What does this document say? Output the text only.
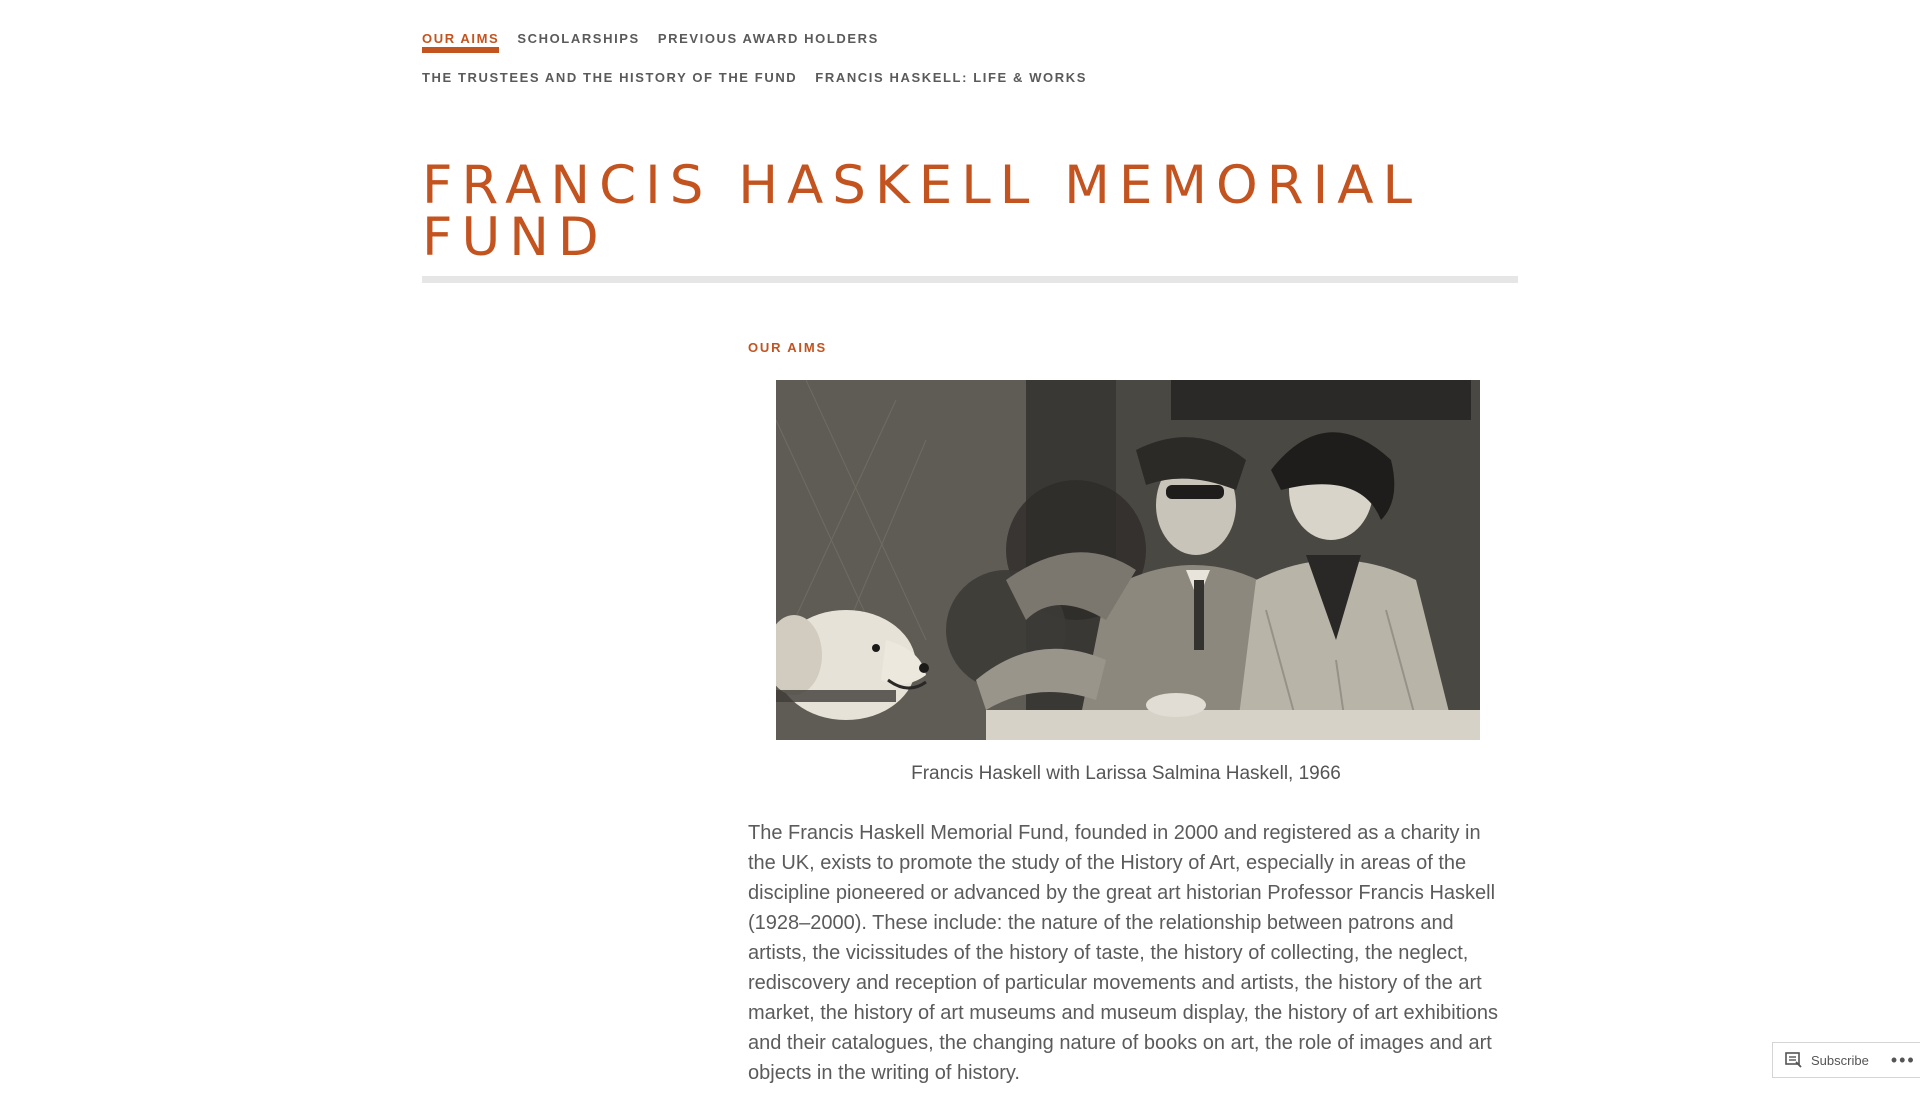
OUR AIMS SCHOLARSHIPS PREVIOUS AWARD HOLDERS
THE TRUSTEES AND THE HISTORY OF THE FUND FRANCIS HASKELL: LIFE & WORKS
FRANCIS HASKELL MEMORIAL
FUND
OUR AIMS
Francis Haskell with Larissa Salmina Haskell, 1966

The Francis Haskell Memorial Fund, founded in 2000 and registered as a charity in the UK, exists to promote the study of the History of Art, especially in areas of the discipline pioneered or advanced by the great art historian Professor Francis Haskell (1928–2000). These include: the nature of the relationship between patrons and artists, the vicissitudes of the history of taste, the history of collecting, the neglect, rediscovery and reception of particular movements and artists, the history of the art market, the history of art museums and museum display, the history of art exhibitions and their catalogues, the changing nature of books on art, the role of images and art objects in the writing of history.

Subscribe •••
